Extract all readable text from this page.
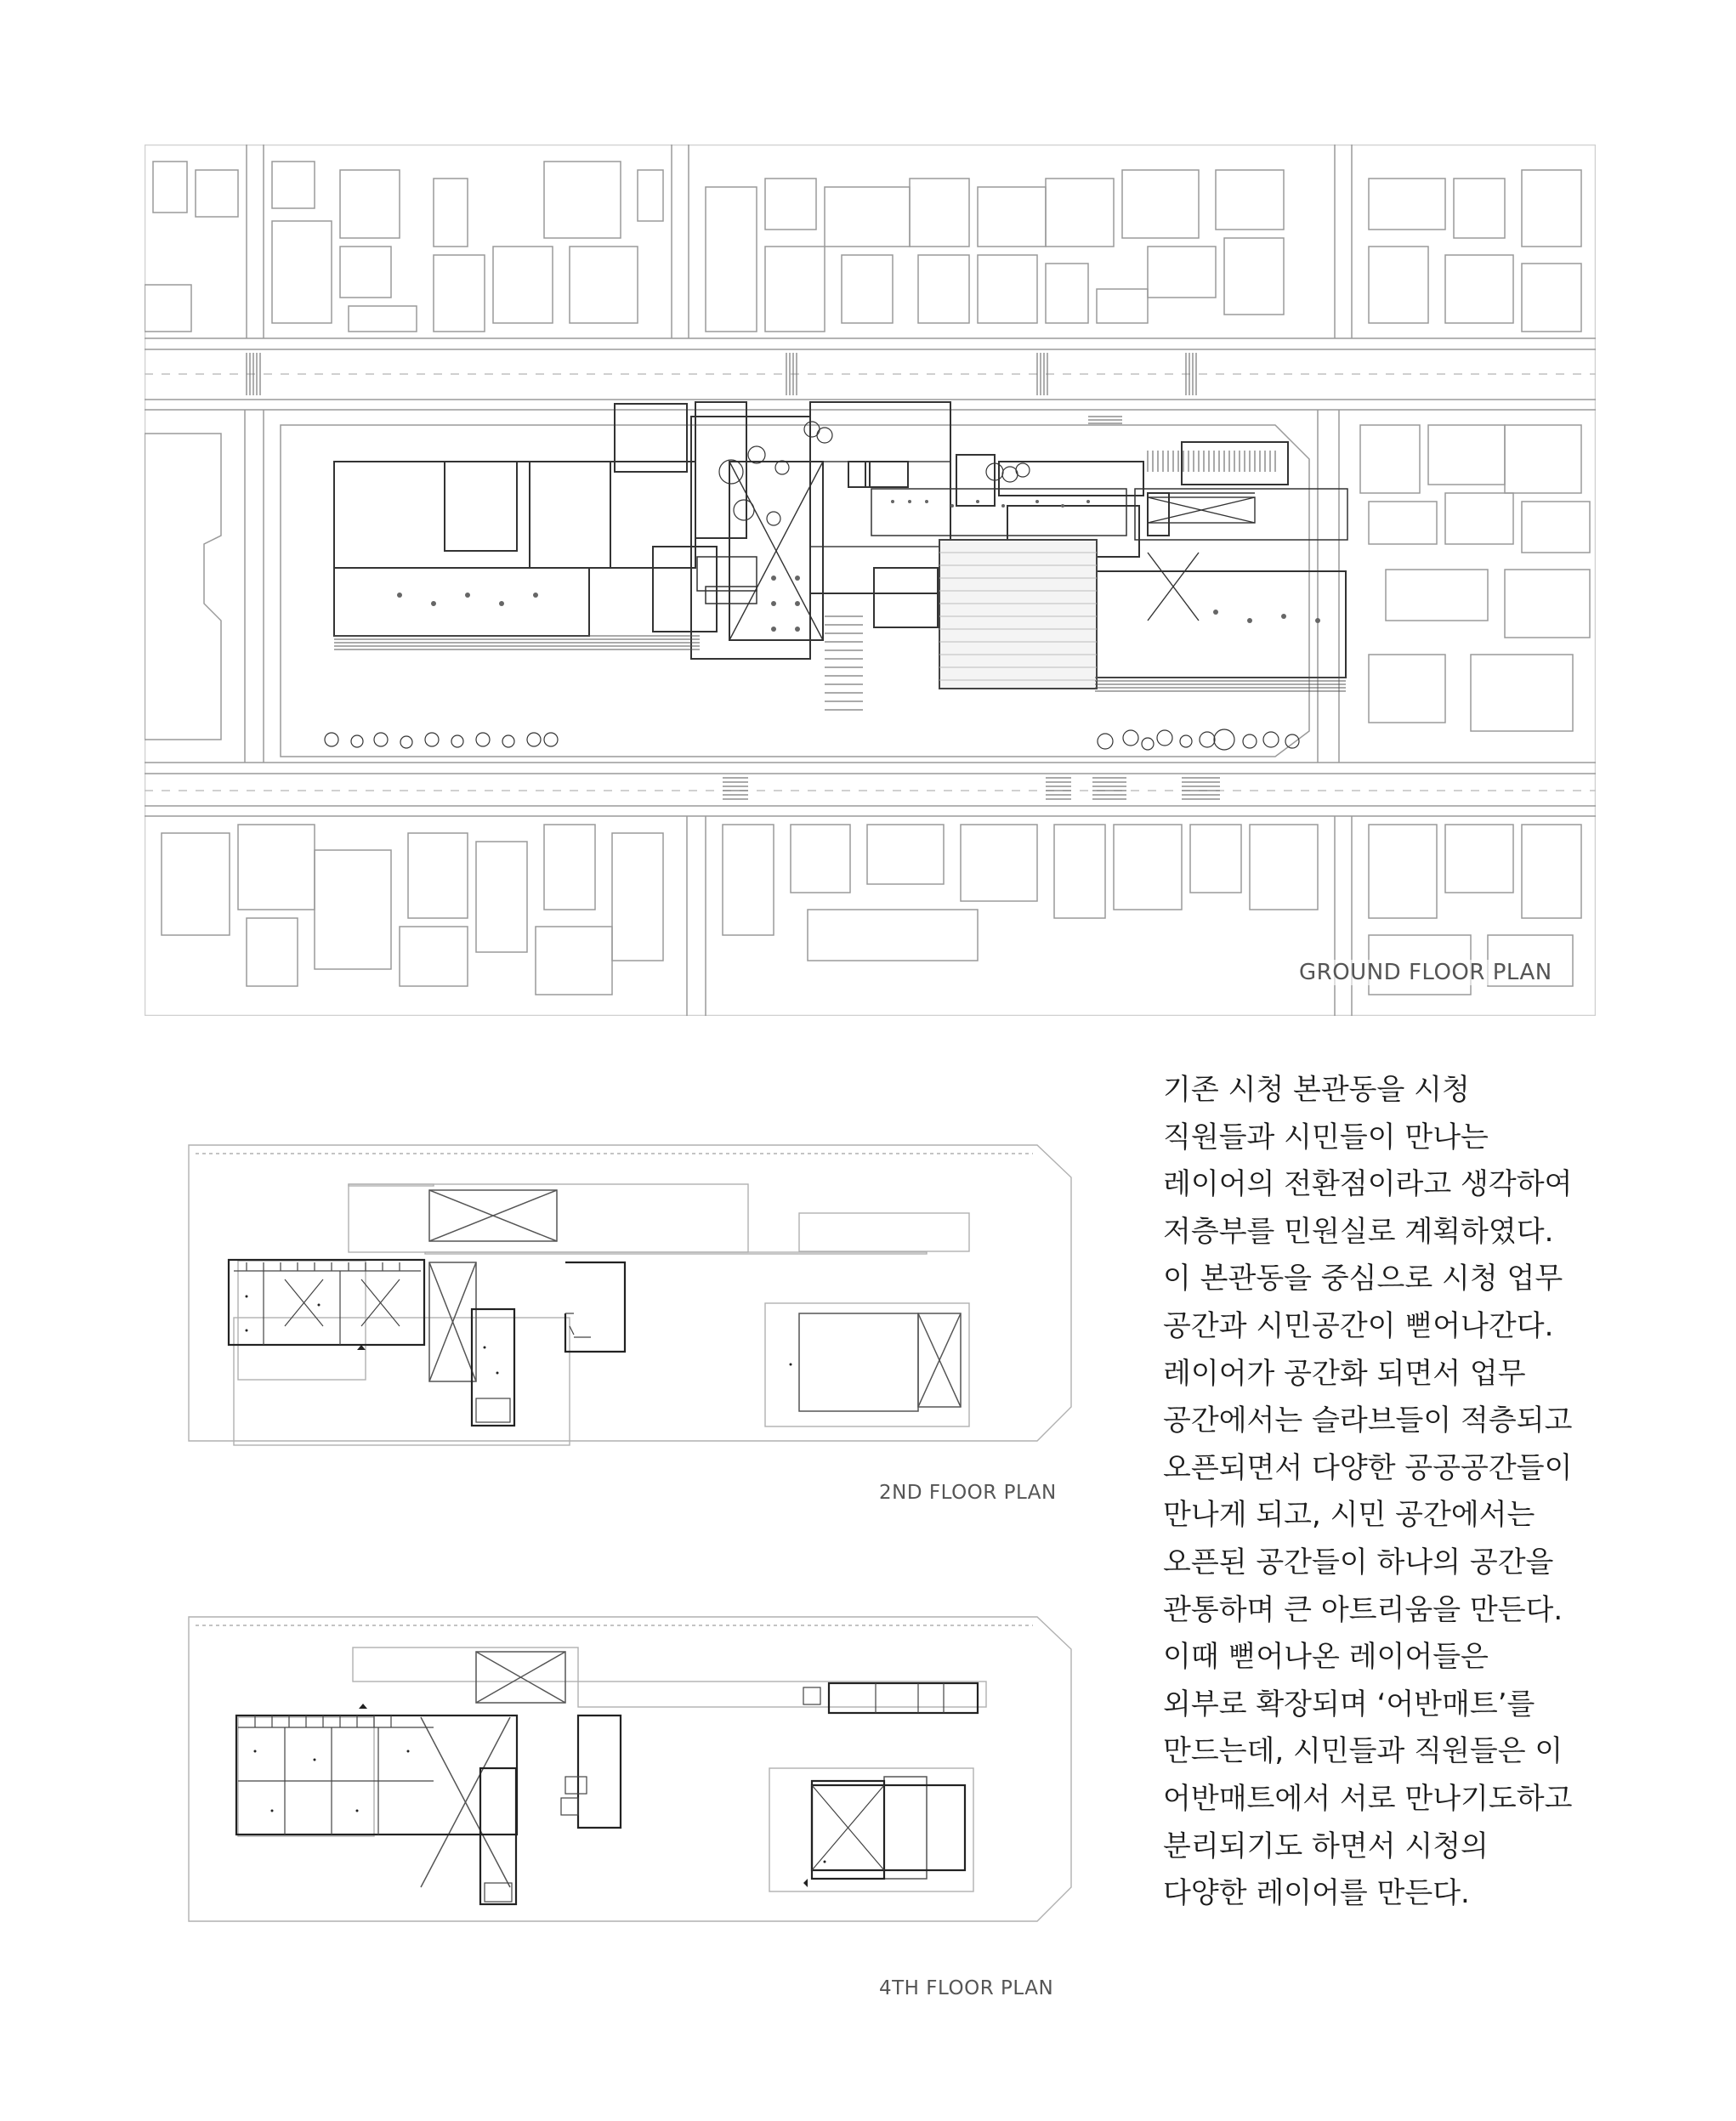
GROUND FLOOR PLAN
2ND FLOOR PLAN
4TH FLOOR PLAN
기존 시청 본관동을 시청
직원들과 시민들이 만나는
레이어의 전환점이라고 생각하여
저층부를 민원실로 계획하였다.
이 본관동을 중심으로 시청 업무
공간과 시민공간이 뻗어나간다.
레이어가 공간화 되면서 업무
공간에서는 슬라브들이 적층되고
오픈되면서 다양한 공공공간들이
만나게 되고, 시민 공간에서는
오픈된 공간들이 하나의 공간을
관통하며 큰 아트리움을 만든다.
이때 뻗어나온 레이어들은
외부로 확장되며 ‘어반매트’를
만드는데, 시민들과 직원들은 이
어반매트에서 서로 만나기도하고
분리되기도 하면서 시청의
다양한 레이어를 만든다.
